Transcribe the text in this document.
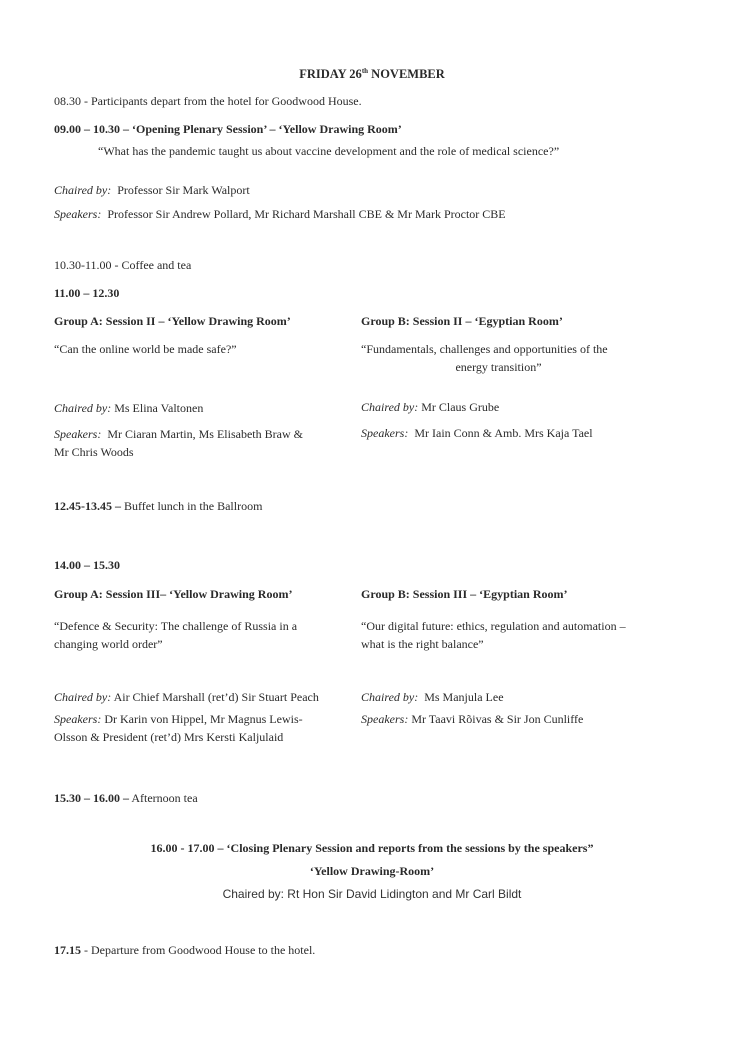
FRIDAY 26th NOVEMBER
08.30 - Participants depart from the hotel for Goodwood House.
09.00 – 10.30 – ‘Opening Plenary Session’ – ‘Yellow Drawing Room’
“What has the pandemic taught us about vaccine development and the role of medical science?”
Chaired by: Professor Sir Mark Walport
Speakers: Professor Sir Andrew Pollard, Mr Richard Marshall CBE & Mr Mark Proctor CBE
10.30-11.00 - Coffee and tea
11.00 – 12.30
Group A: Session II – ‘Yellow Drawing Room’
“Can the online world be made safe?”
Chaired by: Ms Elina Valtonen
Speakers: Mr Ciaran Martin, Ms Elisabeth Braw &
Mr Chris Woods
Group B: Session II – ‘Egyptian Room’
“Fundamentals, challenges and opportunities of the
energy transition”
Chaired by: Mr Claus Grube
Speakers: Mr Iain Conn & Amb. Mrs Kaja Tael
12.45-13.45 – Buffet lunch in the Ballroom
14.00 – 15.30
Group A: Session III– ‘Yellow Drawing Room’
“Defence & Security: The challenge of Russia in a
changing world order”
Chaired by: Air Chief Marshall (ret’d) Sir Stuart Peach
Speakers: Dr Karin von Hippel, Mr Magnus Lewis-
Olsson & President (ret’d) Mrs Kersti Kaljulaid
Group B: Session III – ‘Egyptian Room’
“Our digital future: ethics, regulation and automation –
what is the right balance”
Chaired by: Ms Manjula Lee
Speakers: Mr Taavi Rõivas & Sir Jon Cunliffe
15.30 – 16.00 – Afternoon tea
16.00 - 17.00 – ‘Closing Plenary Session and reports from the sessions by the speakers”
‘Yellow Drawing-Room’
Chaired by: Rt Hon Sir David Lidington and Mr Carl Bildt
17.15 - Departure from Goodwood House to the hotel.
